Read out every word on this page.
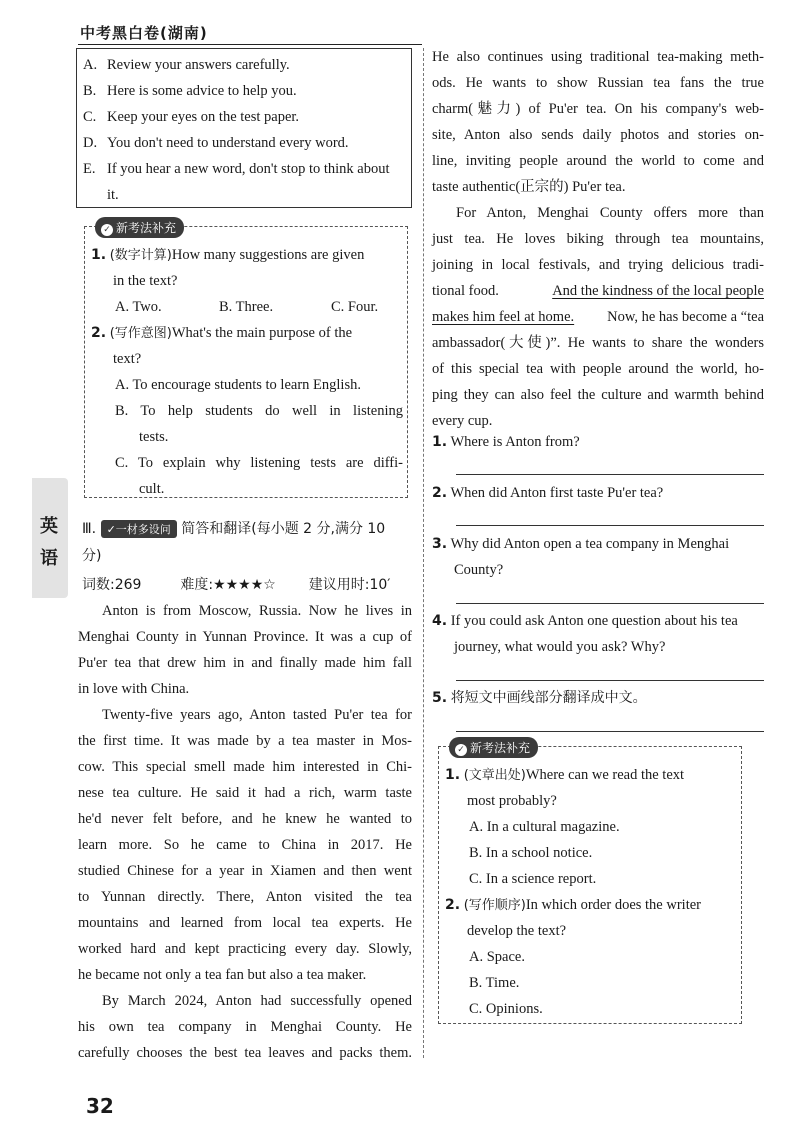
中考黑白卷(湖南)
A. Review your answers carefully.
B. Here is some advice to help you.
C. Keep your eyes on the test paper.
D. You don't need to understand every word.
E. If you hear a new word, don't stop to think about
it.
✓ 新考法补充
1. (数字计算)How many suggestions are given
in the text?
A. Two.	B. Three.	C. Four.
2. (写作意图)What's the main purpose of the
text?
A. To encourage students to learn English.
B. To help students do well in listening
tests.
C. To explain why listening tests are diffi-
cult.
英
语
Ⅲ. ✓一材多设问 简答和翻译(每小题 2 分,满分 10
分)
词数:269	难度:★★★★☆ 建议用时:10′
Anton is from Moscow, Russia. Now he lives in
Menghai County in Yunnan Province. It was a cup of
Pu'er tea that drew him in and finally made him fall
in love with China.
Twenty-five years ago, Anton tasted Pu'er tea for
the first time. It was made by a tea master in Mos-
cow. This special smell made him interested in Chi-
nese tea culture. He said it had a rich, warm taste
he'd never felt before, and he knew he wanted to
learn more. So he came to China in 2017. He
studied Chinese for a year in Xiamen and then went
to Yunnan directly. There, Anton visited the tea
mountains and learned from local tea experts. He
worked hard and kept practicing every day. Slowly,
he became not only a tea fan but also a tea maker.
By March 2024, Anton had successfully opened
his own tea company in Menghai County. He
carefully chooses the best tea leaves and packs them.
He also continues using traditional tea-making meth-
ods. He wants to show Russian tea fans the true
charm(魅力) of Pu'er tea. On his company's web-
site, Anton also sends daily photos and stories on-
line, inviting people around the world to come and
taste authentic(正宗的) Pu'er tea.
For Anton, Menghai County offers more than
just tea. He loves biking through tea mountains,
joining in local festivals, and trying delicious tradi-
tional food.	And the kindness of the local people
makes him feel at home. Now, he has become a “tea
ambassador(大使)”. He wants to share the wonders
of this special tea with people around the world, ho-
ping they can also feel the culture and warmth behind
every cup.
1. Where is Anton from?
2. When did Anton first taste Pu'er tea?
3. Why did Anton open a tea company in Menghai
County?
4. If you could ask Anton one question about his tea
journey, what would you ask? Why?
5. 将短文中画线部分翻译成中文。
✓ 新考法补充
1. (文章出处)Where can we read the text
most probably?
A. In a cultural magazine.
B. In a school notice.
C. In a science report.
2. (写作顺序)In which order does the writer
develop the text?
A. Space.
B. Time.
C. Opinions.
32
